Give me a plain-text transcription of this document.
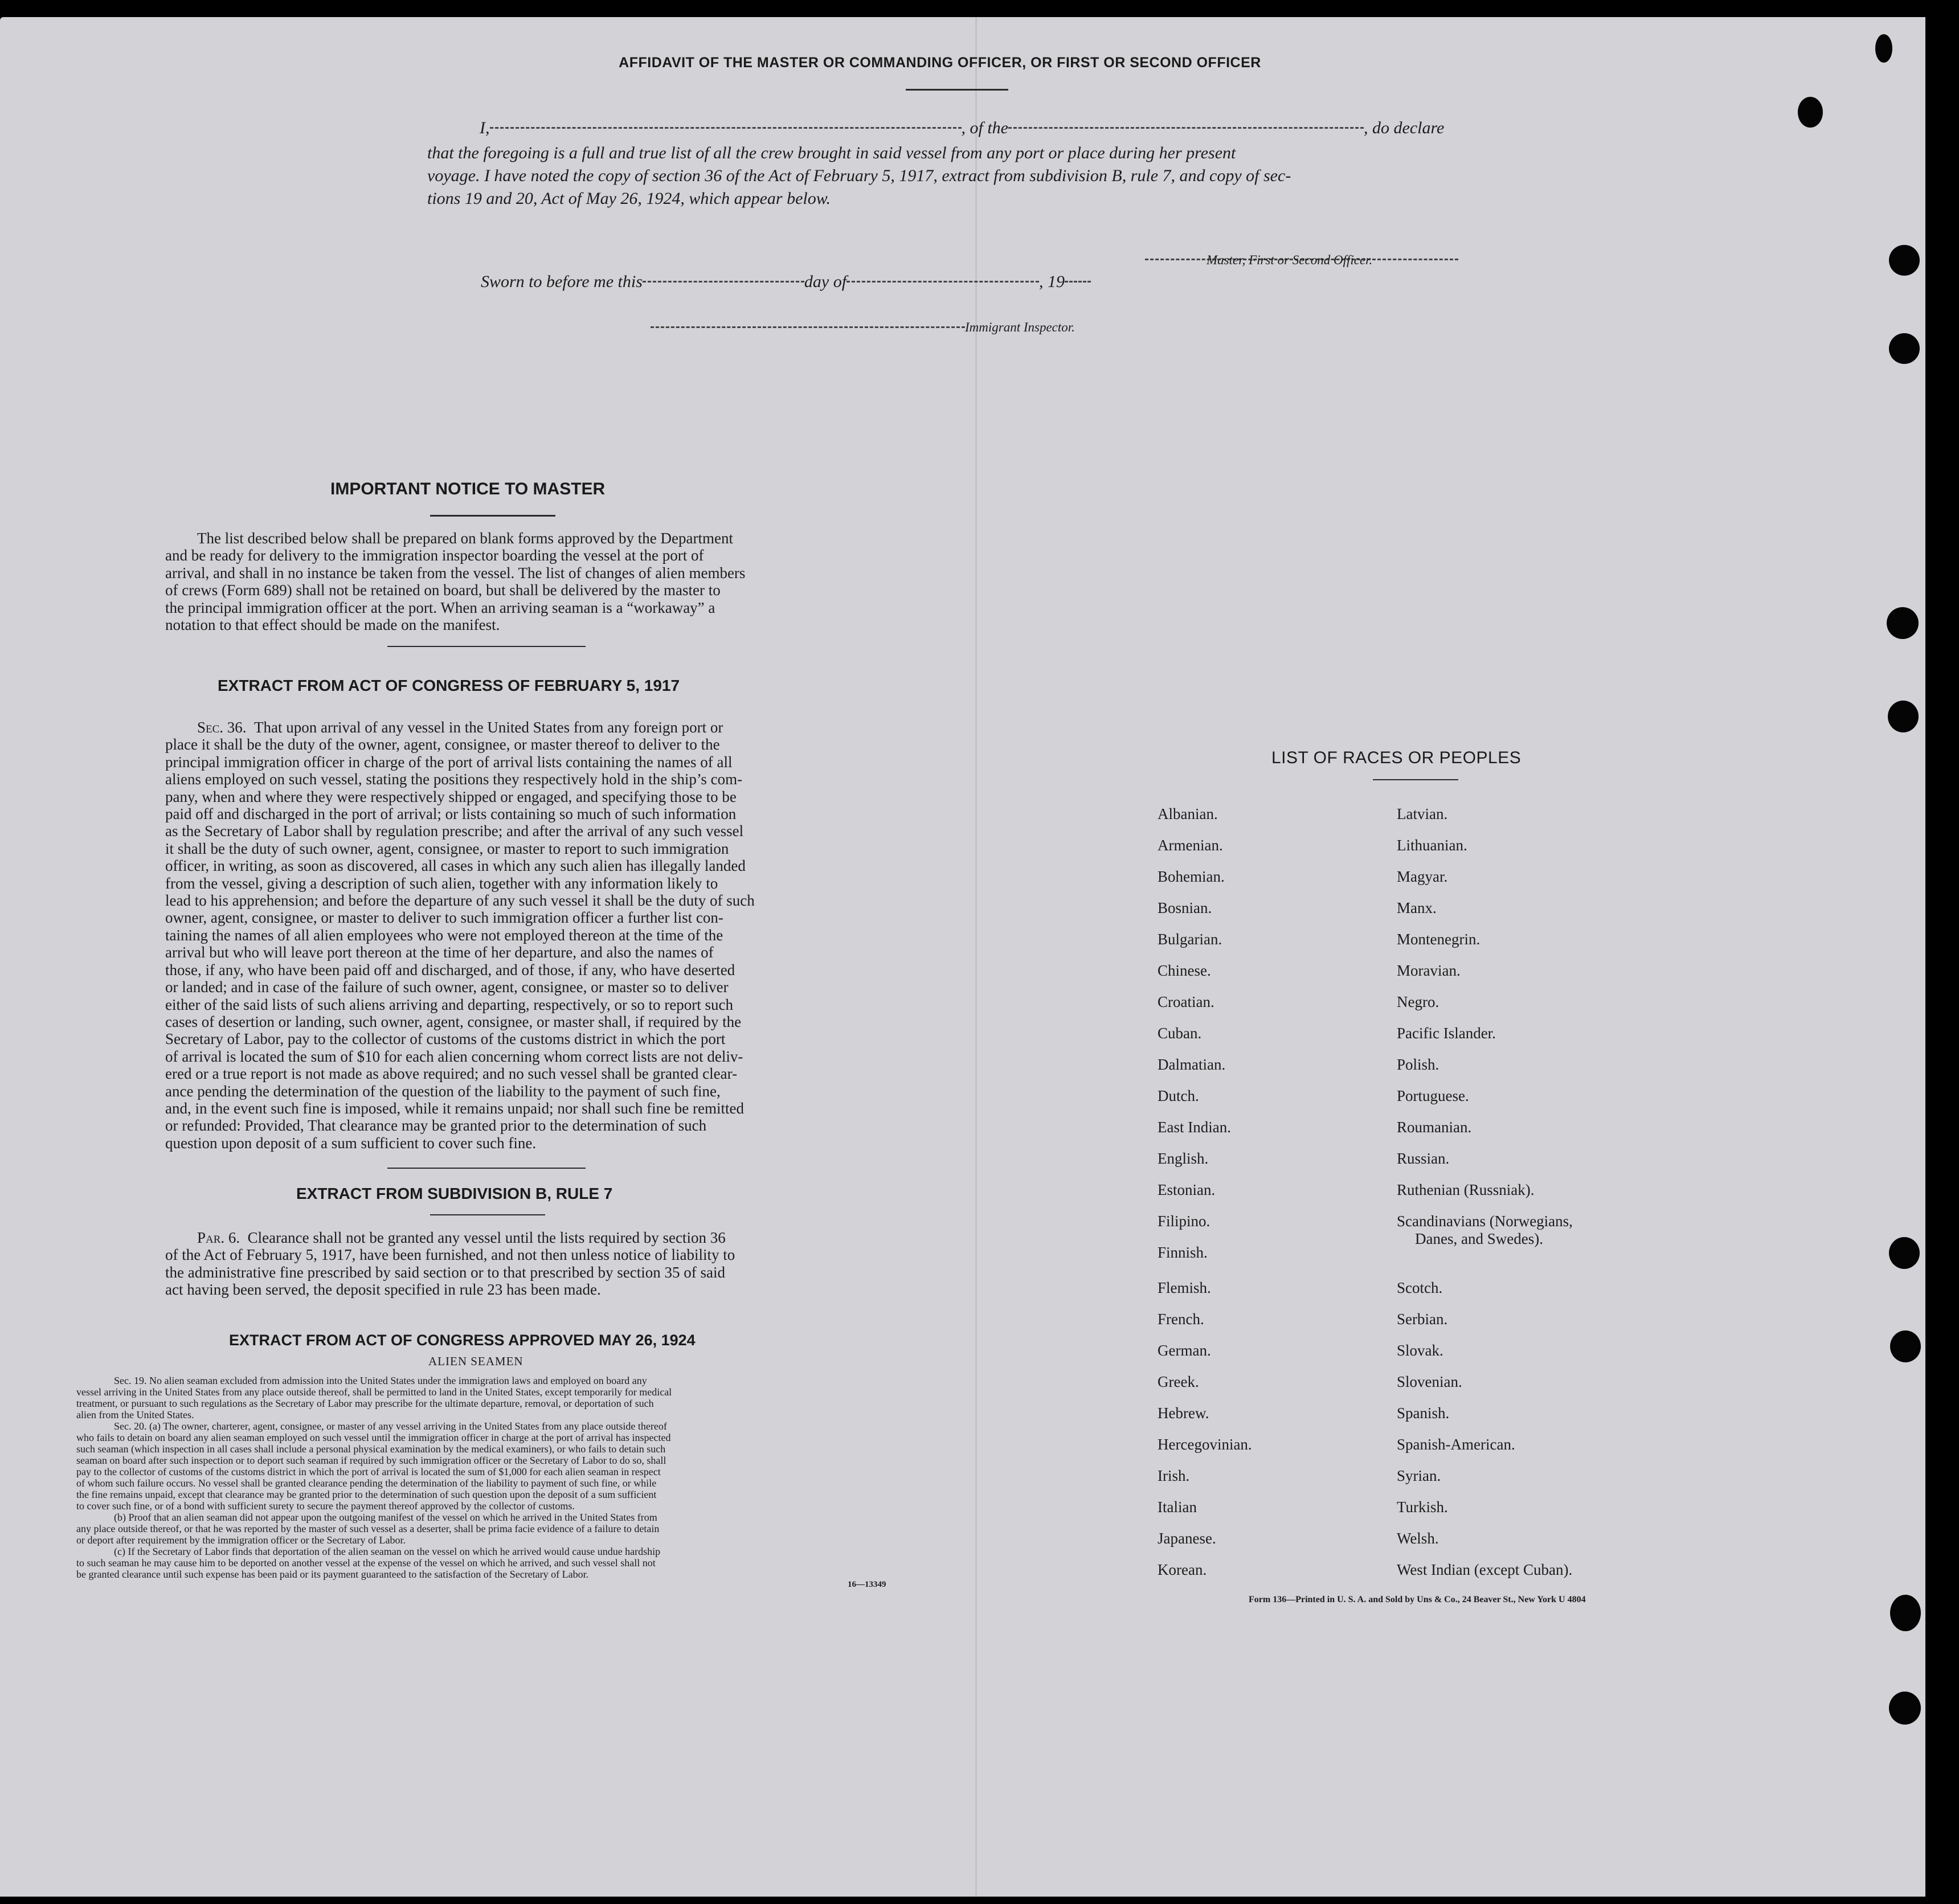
AFFIDAVIT OF THE MASTER OR COMMANDING OFFICER, OR FIRST OR SECOND OFFICER
I,	, of the	, do declare
that the foregoing is a full and true list of all the crew brought in said vessel from any port or place during her present
voyage. I have noted the copy of section 36 of the Act of February 5, 1917, extract from subdivision B, rule 7, and copy of sec-
tions 19 and 20, Act of May 26, 1924, which appear below.
Master, First or Second Officer.
Sworn to before me this	day of	, 19
Immigrant Inspector.
IMPORTANT NOTICE TO MASTER
The list described below shall be prepared on blank forms approved by the Department
and be ready for delivery to the immigration inspector boarding the vessel at the port of
arrival, and shall in no instance be taken from the vessel. The list of changes of alien members
of crews (Form 689) shall not be retained on board, but shall be delivered by the master to
the principal immigration officer at the port. When an arriving seaman is a “workaway” a
notation to that effect should be made on the manifest.
EXTRACT FROM ACT OF CONGRESS OF FEBRUARY 5, 1917
Sec. 36. That upon arrival of any vessel in the United States from any foreign port or
place it shall be the duty of the owner, agent, consignee, or master thereof to deliver to the
principal immigration officer in charge of the port of arrival lists containing the names of all
aliens employed on such vessel, stating the positions they respectively hold in the ship’s com-
pany, when and where they were respectively shipped or engaged, and specifying those to be
paid off and discharged in the port of arrival; or lists containing so much of such information
as the Secretary of Labor shall by regulation prescribe; and after the arrival of any such vessel
it shall be the duty of such owner, agent, consignee, or master to report to such immigration
officer, in writing, as soon as discovered, all cases in which any such alien has illegally landed
from the vessel, giving a description of such alien, together with any information likely to
lead to his apprehension; and before the departure of any such vessel it shall be the duty of such
owner, agent, consignee, or master to deliver to such immigration officer a further list con-
taining the names of all alien employees who were not employed thereon at the time of the
arrival but who will leave port thereon at the time of her departure, and also the names of
those, if any, who have been paid off and discharged, and of those, if any, who have deserted
or landed; and in case of the failure of such owner, agent, consignee, or master so to deliver
either of the said lists of such aliens arriving and departing, respectively, or so to report such
cases of desertion or landing, such owner, agent, consignee, or master shall, if required by the
Secretary of Labor, pay to the collector of customs of the customs district in which the port
of arrival is located the sum of $10 for each alien concerning whom correct lists are not deliv-
ered or a true report is not made as above required; and no such vessel shall be granted clear-
ance pending the determination of the question of the liability to the payment of such fine,
and, in the event such fine is imposed, while it remains unpaid; nor shall such fine be remitted
or refunded: Provided, That clearance may be granted prior to the determination of such
question upon deposit of a sum sufficient to cover such fine.
EXTRACT FROM SUBDIVISION B, RULE 7
Par. 6. Clearance shall not be granted any vessel until the lists required by section 36
of the Act of February 5, 1917, have been furnished, and not then unless notice of liability to
the administrative fine prescribed by said section or to that prescribed by section 35 of said
act having been served, the deposit specified in rule 23 has been made.
EXTRACT FROM ACT OF CONGRESS APPROVED MAY 26, 1924
ALIEN SEAMEN
Sec. 19. No alien seaman excluded from admission into the United States under the immigration laws and employed on board any
vessel arriving in the United States from any place outside thereof, shall be permitted to land in the United States, except temporarily for medical
treatment, or pursuant to such regulations as the Secretary of Labor may prescribe for the ultimate departure, removal, or deportation of such
alien from the United States.
Sec. 20. (a) The owner, charterer, agent, consignee, or master of any vessel arriving in the United States from any place outside thereof
who fails to detain on board any alien seaman employed on such vessel until the immigration officer in charge at the port of arrival has inspected
such seaman (which inspection in all cases shall include a personal physical examination by the medical examiners), or who fails to detain such
seaman on board after such inspection or to deport such seaman if required by such immigration officer or the Secretary of Labor to do so, shall
pay to the collector of customs of the customs district in which the port of arrival is located the sum of $1,000 for each alien seaman in respect
of whom such failure occurs. No vessel shall be granted clearance pending the determination of the liability to payment of such fine, or while
the fine remains unpaid, except that clearance may be granted prior to the determination of such question upon the deposit of a sum sufficient
to cover such fine, or of a bond with sufficient surety to secure the payment thereof approved by the collector of customs.
(b) Proof that an alien seaman did not appear upon the outgoing manifest of the vessel on which he arrived in the United States from
any place outside thereof, or that he was reported by the master of such vessel as a deserter, shall be prima facie evidence of a failure to detain
or deport after requirement by the immigration officer or the Secretary of Labor.
(c) If the Secretary of Labor finds that deportation of the alien seaman on the vessel on which he arrived would cause undue hardship
to such seaman he may cause him to be deported on another vessel at the expense of the vessel on which he arrived, and such vessel shall not
be granted clearance until such expense has been paid or its payment guaranteed to the satisfaction of the Secretary of Labor.
16—13349
LIST OF RACES OR PEOPLES
Albanian.
Armenian.
Bohemian.
Bosnian.
Bulgarian.
Chinese.
Croatian.
Cuban.
Dalmatian.
Dutch.
East Indian.
English.
Estonian.
Filipino.
Finnish.
Flemish.
French.
German.
Greek.
Hebrew.
Hercegovinian.
Irish.
Italian
Japanese.
Korean.
Latvian.
Lithuanian.
Magyar.
Manx.
Montenegrin.
Moravian.
Negro.
Pacific Islander.
Polish.
Portuguese.
Roumanian.
Russian.
Ruthenian (Russniak).
Scandinavians (Norwegians,
Danes, and Swedes).
Scotch.
Serbian.
Slovak.
Slovenian.
Spanish.
Spanish-American.
Syrian.
Turkish.
Welsh.
West Indian (except Cuban).
Form 136—Printed in U. S. A. and Sold by Uns & Co., 24 Beaver St., New York U 4804
